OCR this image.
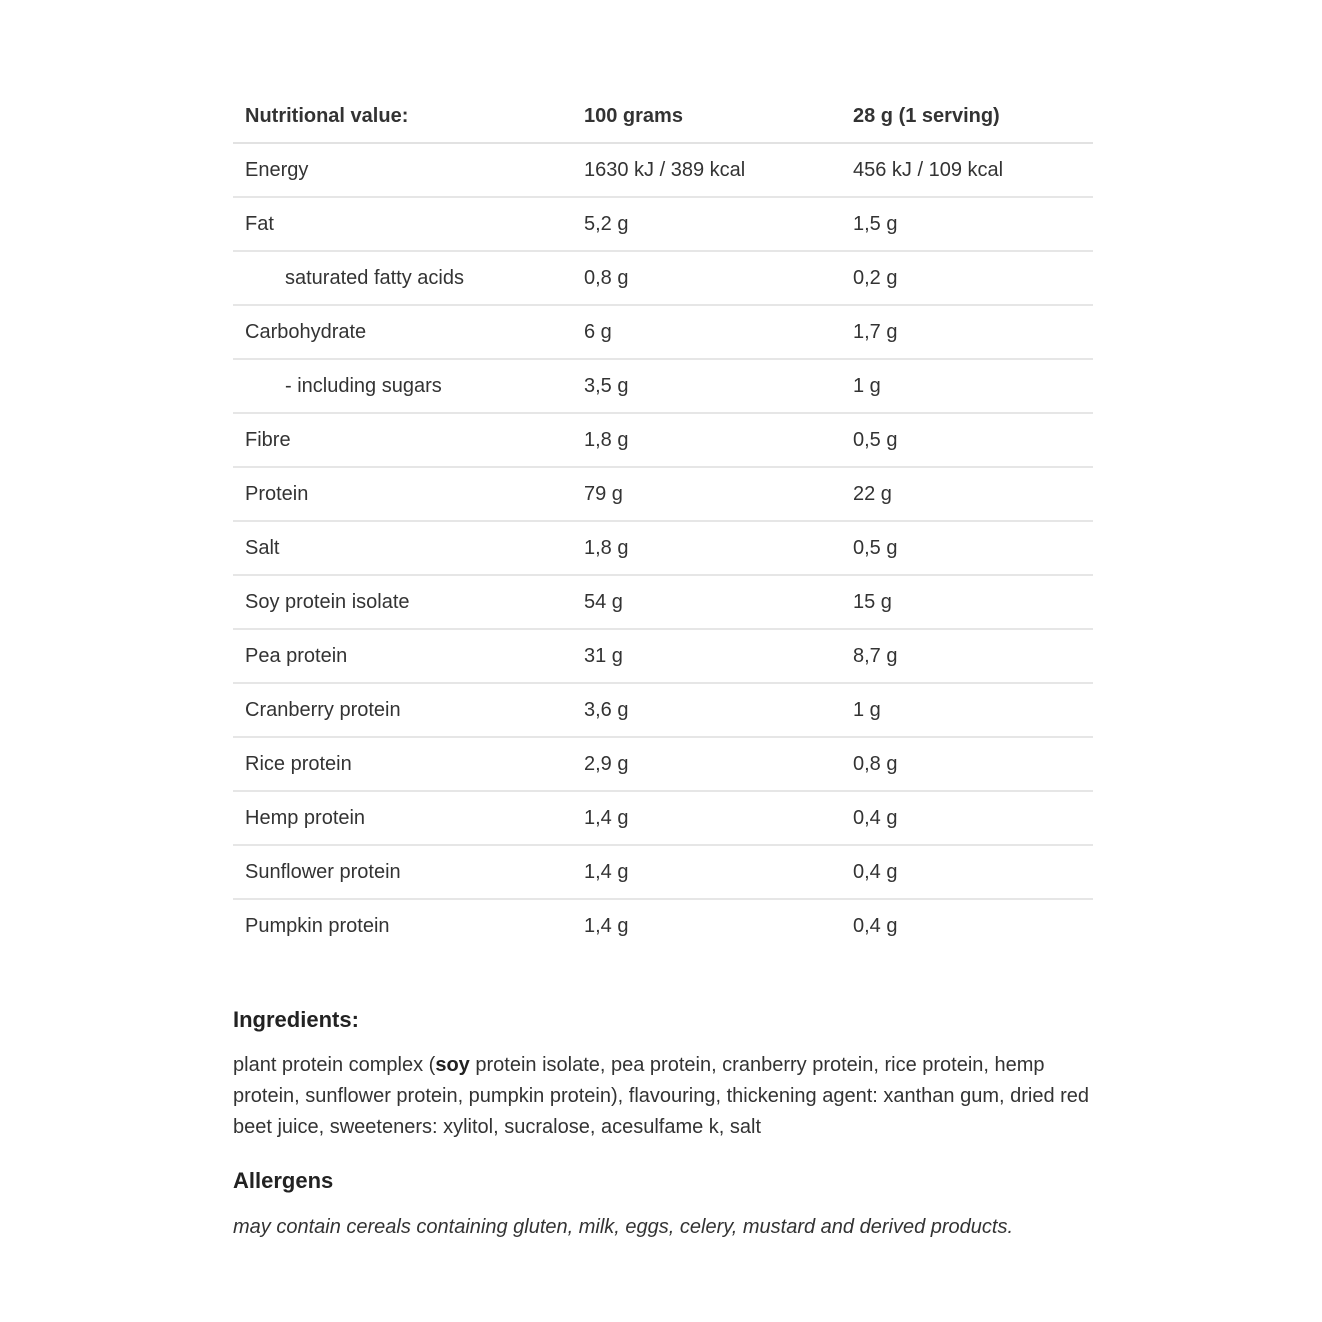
Nutritional value:	100 grams	28 g (1 serving)
Energy	1630 kJ / 389 kcal	456 kJ / 109 kcal
Fat	5,2 g	1,5 g
saturated fatty acids	0,8 g	0,2 g
Carbohydrate	6 g	1,7 g
- including sugars	3,5 g	1 g
Fibre	1,8 g	0,5 g
Protein	79 g	22 g
Salt	1,8 g	0,5 g
Soy protein isolate	54 g	15 g
Pea protein	31 g	8,7 g
Cranberry protein	3,6 g	1 g
Rice protein	2,9 g	0,8 g
Hemp protein	1,4 g	0,4 g
Sunflower protein	1,4 g	0,4 g
Pumpkin protein	1,4 g	0,4 g
Ingredients:

plant protein complex (soy protein isolate, pea protein, cranberry protein, rice protein, hemp protein, sunflower protein, pumpkin protein), flavouring, thickening agent: xanthan gum, dried red beet juice, sweeteners: xylitol, sucralose, acesulfame k, salt

Allergens

may contain cereals containing gluten, milk, eggs, celery, mustard and derived products.
